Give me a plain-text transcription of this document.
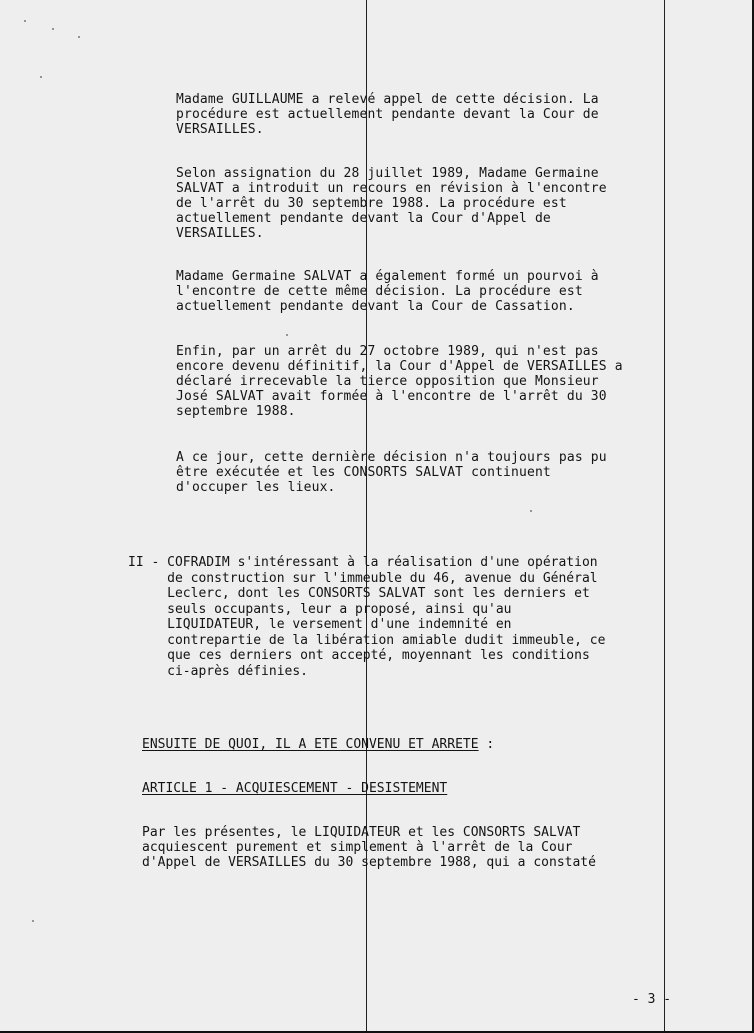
Madame GUILLAUME a relevé appel de cette décision. La
procédure est actuellement pendante devant la Cour de
VERSAILLES.
Selon assignation du 28 juillet 1989, Madame Germaine
SALVAT a introduit un recours en révision à l'encontre
de l'arrêt du 30 septembre 1988. La procédure est
actuellement pendante devant la Cour d'Appel de
VERSAILLES.
Madame Germaine SALVAT a également formé un pourvoi à
l'encontre de cette même décision. La procédure est
actuellement pendante devant la Cour de Cassation.
Enfin, par un arrêt du 27 octobre 1989, qui n'est pas
encore devenu définitif, la Cour d'Appel de VERSAILLES a
déclaré irrecevable la tierce opposition que Monsieur
José SALVAT avait formée à l'encontre de l'arrêt du 30
septembre 1988.
A ce jour, cette dernière décision n'a toujours pas pu
être exécutée et les CONSORTS SALVAT continuent
d'occuper les lieux.
II - COFRADIM s'intéressant à la réalisation d'une opération
de construction sur l'immeuble du 46, avenue du Général
Leclerc, dont les CONSORTS SALVAT sont les derniers et
seuls occupants, leur a proposé, ainsi qu'au
LIQUIDATEUR, le versement d'une indemnité en
contrepartie de la libération amiable dudit immeuble, ce
que ces derniers ont accepté, moyennant les conditions
ci-après définies.
ENSUITE DE QUOI, IL A ETE CONVENU ET ARRETE :
ARTICLE 1 - ACQUIESCEMENT - DESISTEMENT
Par les présentes, le LIQUIDATEUR et les CONSORTS SALVAT
acquiescent purement et simplement à l'arrêt de la Cour
d'Appel de VERSAILLES du 30 septembre 1988, qui a constaté
- 3 -
